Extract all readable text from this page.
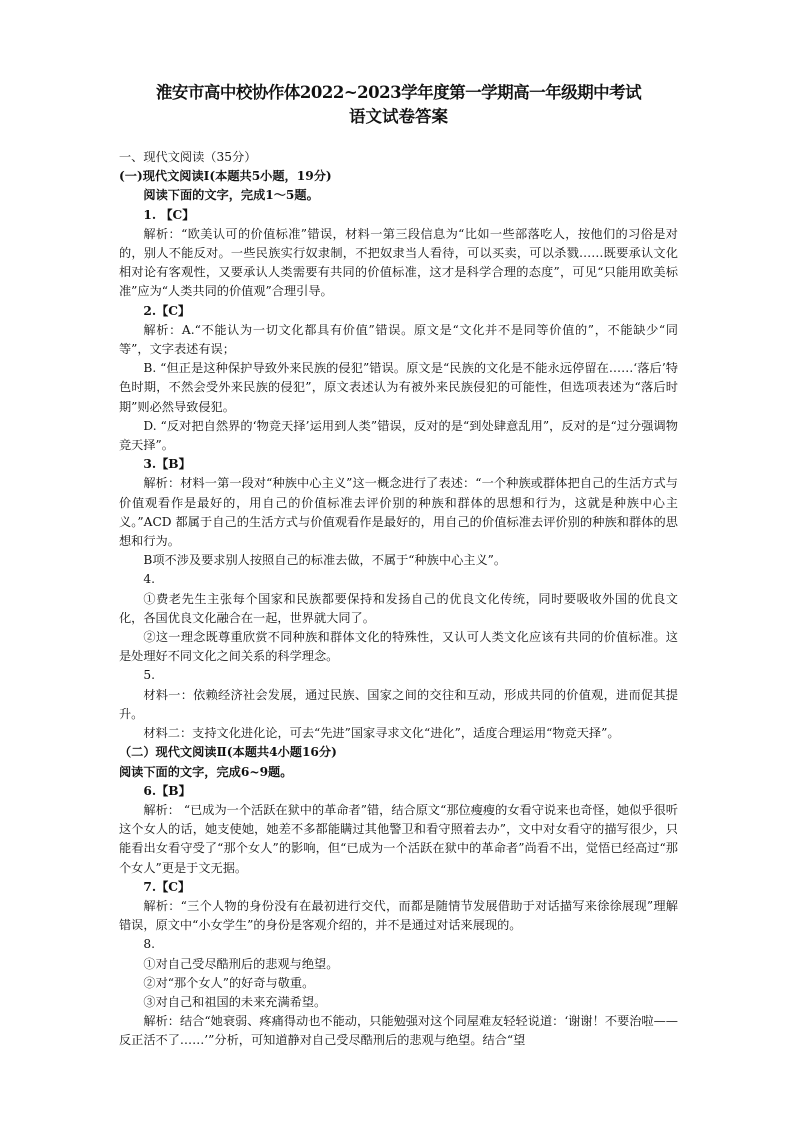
淮安市高中校协作体2022~2023学年度第一学期高一年级期中考试

语文试卷答案

一、现代文阅读（35分）

(一)现代文阅读Ⅰ(本题共5小题，19分)

阅读下面的文字，完成1～5题。

1. 【C】

解析：“欧美认可的价值标准”错误，材料一第三段信息为“比如一些部落吃人，按他们的习俗是对的，别人不能反对。一些民族实行奴隶制，不把奴隶当人看待，可以买卖，可以杀戮……既要承认文化相对论有客观性，又要承认人类需要有共同的价值标准，这才是科学合理的态度”，可见“只能用欧美标准”应为“人类共同的价值观”合理引导。

2.【C】

解析：A.“不能认为一切文化都具有价值”错误。原文是“文化并不是同等价值的”，不能缺少“同等”，文字表述有误；

B. “但正是这种保护导致外来民族的侵犯”错误。原文是“民族的文化是不能永远停留在……‘落后’特色时期，不然会受外来民族的侵犯”，原文表述认为有被外来民族侵犯的可能性，但选项表述为“落后时期”则必然导致侵犯。

D. “反对把自然界的‘物竞天择’运用到人类”错误，反对的是“到处肆意乱用”，反对的是“过分强调物竞天择”。

3.【B】

解析：材料一第一段对“种族中心主义”这一概念进行了表述：“一个种族或群体把自己的生活方式与价值观看作是最好的，用自己的价值标准去评价别的种族和群体的思想和行为，这就是种族中心主义。”ACD 都属于自己的生活方式与价值观看作是最好的，用自己的价值标准去评价别的种族和群体的思想和行为。

B项不涉及要求别人按照自己的标准去做，不属于“种族中心主义”。

4.

①费老先生主张每个国家和民族都要保持和发扬自己的优良文化传统，同时要吸收外国的优良文化，各国优良文化融合在一起，世界就大同了。

②这一理念既尊重欣赏不同种族和群体文化的特殊性，又认可人类文化应该有共同的价值标准。这是处理好不同文化之间关系的科学理念。

5.

材料一：依赖经济社会发展，通过民族、国家之间的交往和互动，形成共同的价值观，进而促其提升。

材料二：支持文化进化论，可去“先进”国家寻求文化“进化”，适度合理运用“物竞天择”。

（二）现代文阅读Ⅱ(本题共4小题16分)

阅读下面的文字，完成6~9题。

6.【B】

解析： “已成为一个活跃在狱中的革命者”错，结合原文“那位瘦瘦的女看守说来也奇怪，她似乎很听这个女人的话，她支使她，她差不多都能瞒过其他警卫和看守照着去办”，文中对女看守的描写很少，只能看出女看守受了“那个女人”的影响，但“已成为一个活跃在狱中的革命者”尚看不出，觉悟已经高过“那个女人”更是于文无据。

7.【C】

解析：“三个人物的身份没有在最初进行交代，而都是随情节发展借助于对话描写来徐徐展现”理解错误，原文中“小女学生”的身份是客观介绍的，并不是通过对话来展现的。

8.

①对自己受尽酷刑后的悲观与绝望。

②对“那个女人”的好奇与敬重。

③对自己和祖国的未来充满希望。

解析：结合“她衰弱、疼痛得动也不能动，只能勉强对这个同屋难友轻轻说道：‘谢谢！不要治啦——反正活不了……’”分析，可知道静对自己受尽酷刑后的悲观与绝望。结合“望
